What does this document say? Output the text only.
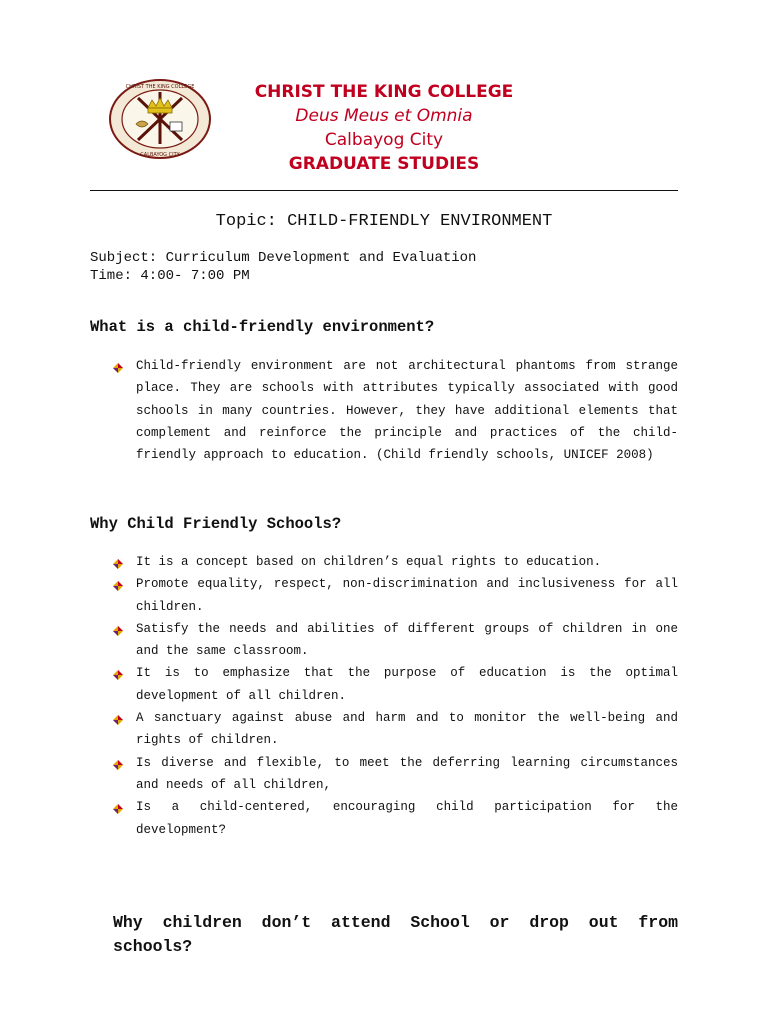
CHRIST THE KING COLLEGE
CALBAYOG CITY
CHRIST THE KING COLLEGE
Deus Meus et Omnia
Calbayog City
GRADUATE STUDIES
Topic: CHILD-FRIENDLY ENVIRONMENT
Subject: Curriculum Development and Evaluation
Time: 4:00- 7:00 PM
What is a child-friendly environment?
Child-friendly environment are not architectural phantoms from strange place. They are schools with attributes typically associated with good schools in many countries. However, they have additional elements that complement and reinforce the principle and practices of the child-friendly approach to education. (Child friendly schools, UNICEF 2008)
Why Child Friendly Schools?
It is a concept based on children’s equal rights to education.
Promote equality, respect, non-discrimination and inclusiveness for all children.
Satisfy the needs and abilities of different groups of children in one and the same classroom.
It is to emphasize that the purpose of education is the optimal development of all children.
A sanctuary against abuse and harm and to monitor the well-being and rights of children.
Is diverse and flexible, to meet the deferring learning circumstances and needs of all children,
Is a child-centered, encouraging child participation for the development?
Why children don’t attend School or drop out from schools?
